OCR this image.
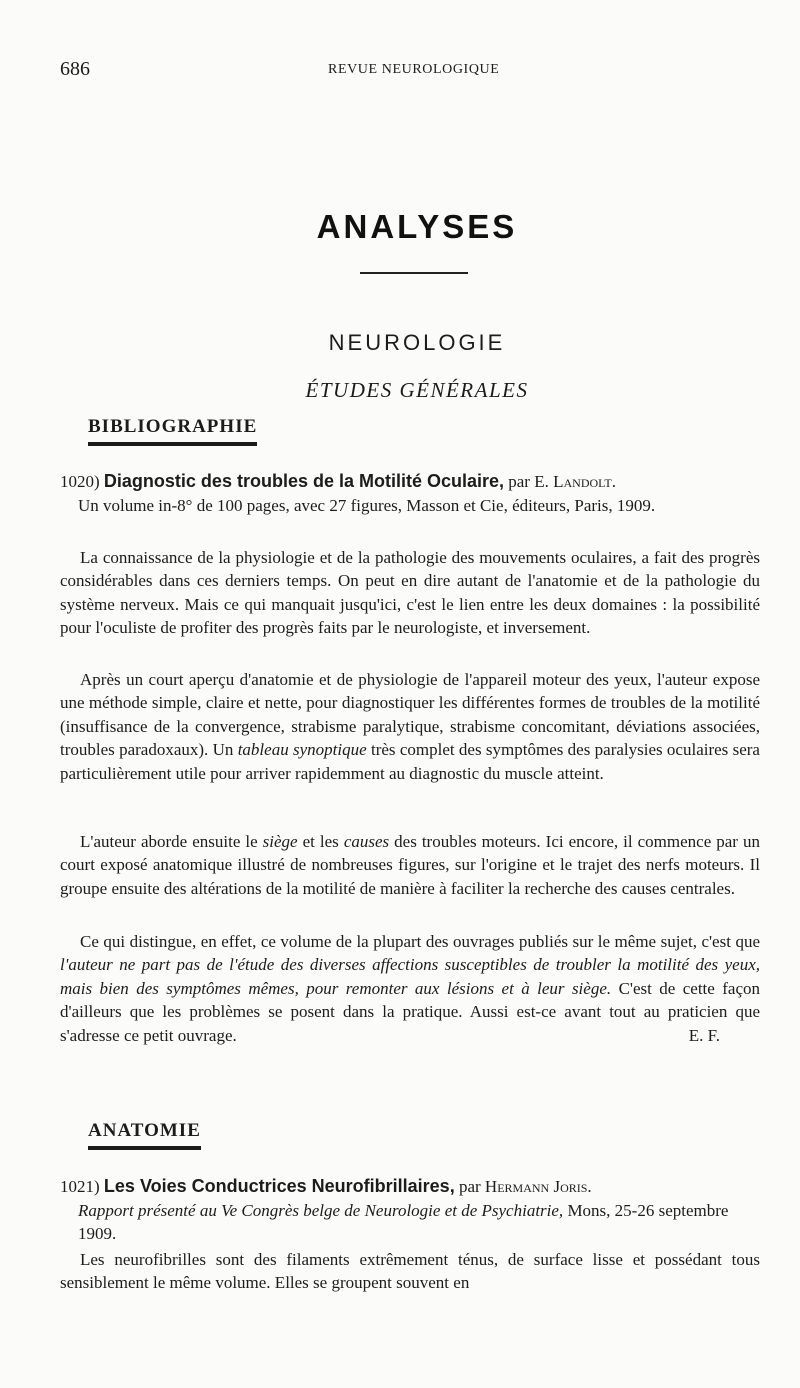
686	REVUE NEUROLOGIQUE
ANALYSES
NEUROLOGIE
ÉTUDES GÉNÉRALES
BIBLIOGRAPHIE
1020) Diagnostic des troubles de la Motilité Oculaire, par E. Landolt.
Un volume in-8° de 100 pages, avec 27 figures, Masson et Cie, éditeurs, Paris, 1909.
La connaissance de la physiologie et de la pathologie des mouvements oculaires, a fait des progrès considérables dans ces derniers temps. On peut en dire autant de l'anatomie et de la pathologie du système nerveux. Mais ce qui manquait jusqu'ici, c'est le lien entre les deux domaines : la possibilité pour l'oculiste de profiter des progrès faits par le neurologiste, et inversement.
Après un court aperçu d'anatomie et de physiologie de l'appareil moteur des yeux, l'auteur expose une méthode simple, claire et nette, pour diagnostiquer les différentes formes de troubles de la motilité (insuffisance de la convergence, strabisme paralytique, strabisme concomitant, déviations associées, troubles paradoxaux). Un tableau synoptique très complet des symptômes des paralysies oculaires sera particulièrement utile pour arriver rapidemment au diagnostic du muscle atteint.
L'auteur aborde ensuite le siège et les causes des troubles moteurs. Ici encore, il commence par un court exposé anatomique illustré de nombreuses figures, sur l'origine et le trajet des nerfs moteurs. Il groupe ensuite des altérations de la motilité de manière à faciliter la recherche des causes centrales.
Ce qui distingue, en effet, ce volume de la plupart des ouvrages publiés sur le même sujet, c'est que l'auteur ne part pas de l'étude des diverses affections susceptibles de troubler la motilité des yeux, mais bien des symptômes mêmes, pour remonter aux lésions et à leur siège. C'est de cette façon d'ailleurs que les problèmes se posent dans la pratique. Aussi est-ce avant tout au praticien que s'adresse ce petit ouvrage.	E. F.
ANATOMIE
1021) Les Voies Conductrices Neurofibrillaires, par Hermann Joris.
Rapport présenté au Ve Congrès belge de Neurologie et de Psychiatrie, Mons, 25-26 septembre 1909.
Les neurofibrilles sont des filaments extrêmement ténus, de surface lisse et possédant tous sensiblement le même volume. Elles se groupent souvent en
